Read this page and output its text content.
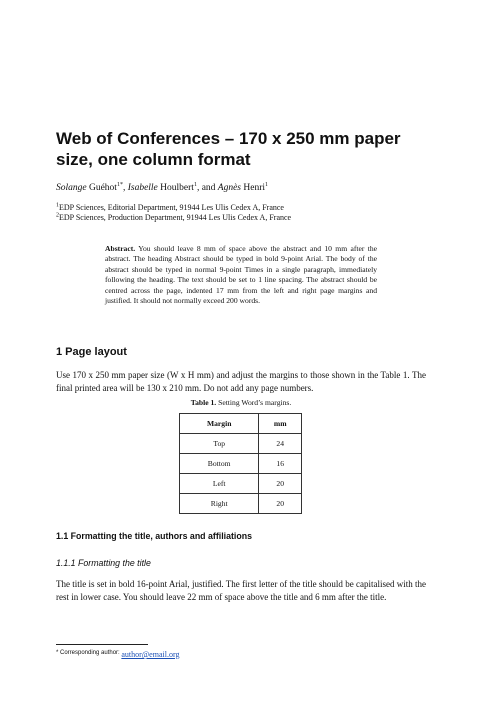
Web of Conferences – 170 x 250 mm paper size, one column format
Solange Guéhot$^{1*}$, Isabelle Houlbert$^1$, and Agnès Henri$^1$
$^1$EDP Sciences, Editorial Department, 91944 Les Ulis Cedex A, France
$^2$EDP Sciences, Production Department, 91944 Les Ulis Cedex A, France
Abstract. You should leave 8 mm of space above the abstract and 10 mm after the abstract. The heading Abstract should be typed in bold 9-point Arial. The body of the abstract should be typed in normal 9-point Times in a single paragraph, immediately following the heading. The text should be set to 1 line spacing. The abstract should be centred across the page, indented 17 mm from the left and right page margins and justified. It should not normally exceed 200 words.
1 Page layout
Use 170 x 250 mm paper size (W x H mm) and adjust the margins to those shown in the Table 1. The final printed area will be 130 x 210 mm. Do not add any page numbers.
Table 1. Setting Word’s margins.
Margin	mm
Top	24
Bottom	16
Left	20
Right	20
1.1 Formatting the title, authors and affiliations
1.1.1 Formatting the title
The title is set in bold 16-point Arial, justified. The first letter of the title should be capitalised with the rest in lower case. You should leave 22 mm of space above the title and 6 mm after the title.
* Corresponding author: author@email.org
